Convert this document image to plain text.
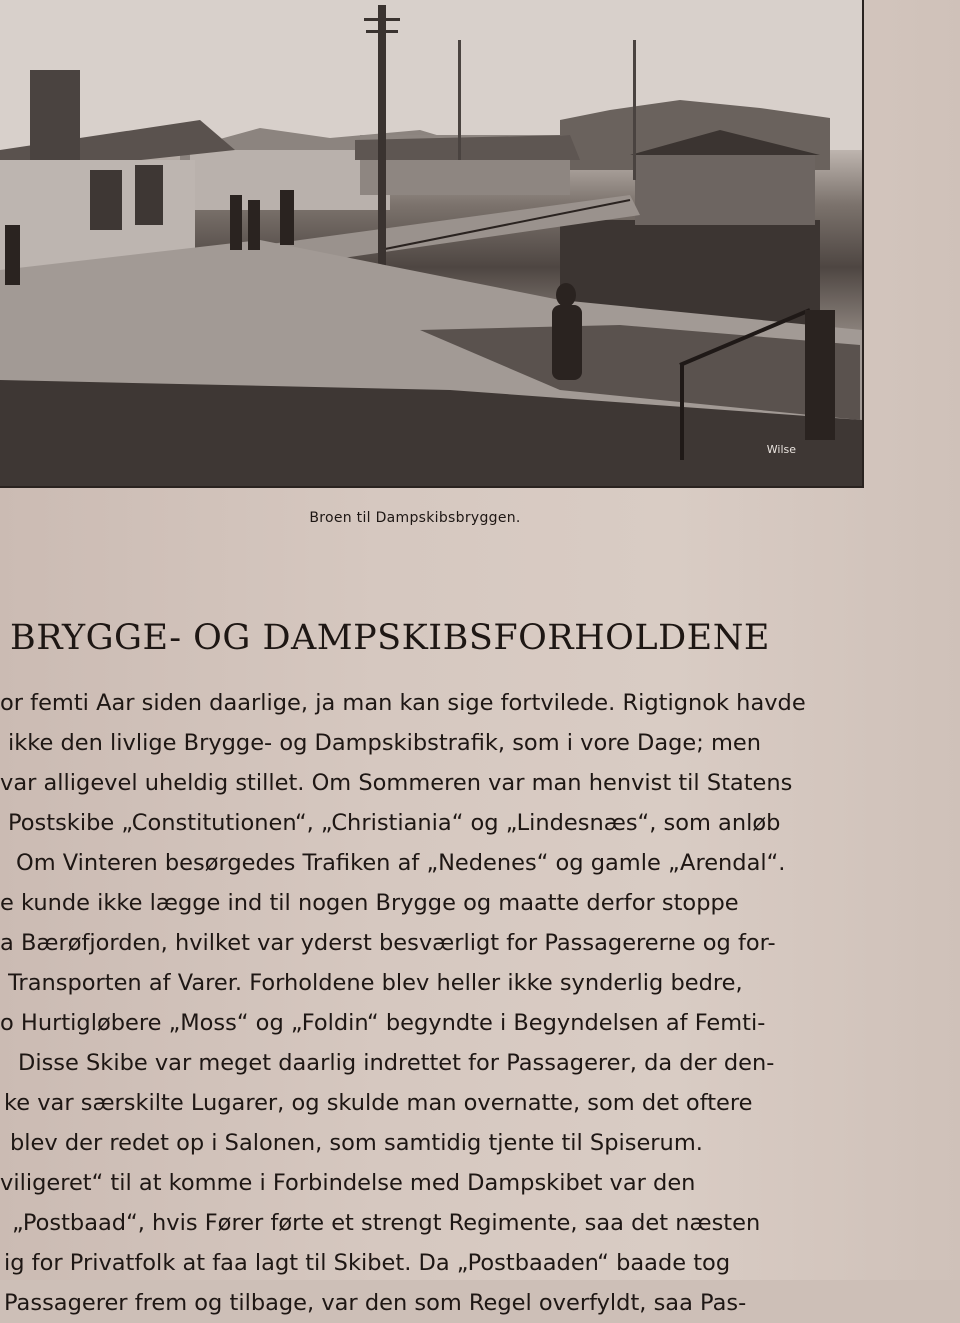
Wilse
Broen til Dampskibsbryggen.
BRYGGE- OG DAMPSKIBSFORHOLDENE
or femti Aar siden daarlige, ja man kan sige fortvilede. Rigtignok havde
ikke den livlige Brygge- og Dampskibstrafik, som i vore Dage; men
var alligevel uheldig stillet. Om Sommeren var man henvist til Statens
Postskibe „Constitutionen“, „Christiania“ og „Lindesnæs“, som anløb
Om Vinteren besørgedes Trafiken af „Nedenes“ og gamle „Arendal“.
e kunde ikke lægge ind til nogen Brygge og maatte derfor stoppe
a Bærøfjorden, hvilket var yderst besværligt for Passagererne og for-
Transporten af Varer. Forholdene blev heller ikke synderlig bedre,
o Hurtigløbere „Moss“ og „Foldin“ begyndte i Begyndelsen af Femti-
Disse Skibe var meget daarlig indrettet for Passagerer, da der den-
ke var særskilte Lugarer, og skulde man overnatte, som det oftere
blev der redet op i Salonen, som samtidig tjente til Spiserum.
viligeret“ til at komme i Forbindelse med Dampskibet var den
„Postbaad“, hvis Fører førte et strengt Regimente, saa det næsten
ig for Privatfolk at faa lagt til Skibet. Da „Postbaaden“ baade tog
Passagerer frem og tilbage, var den som Regel overfyldt, saa Pas-
